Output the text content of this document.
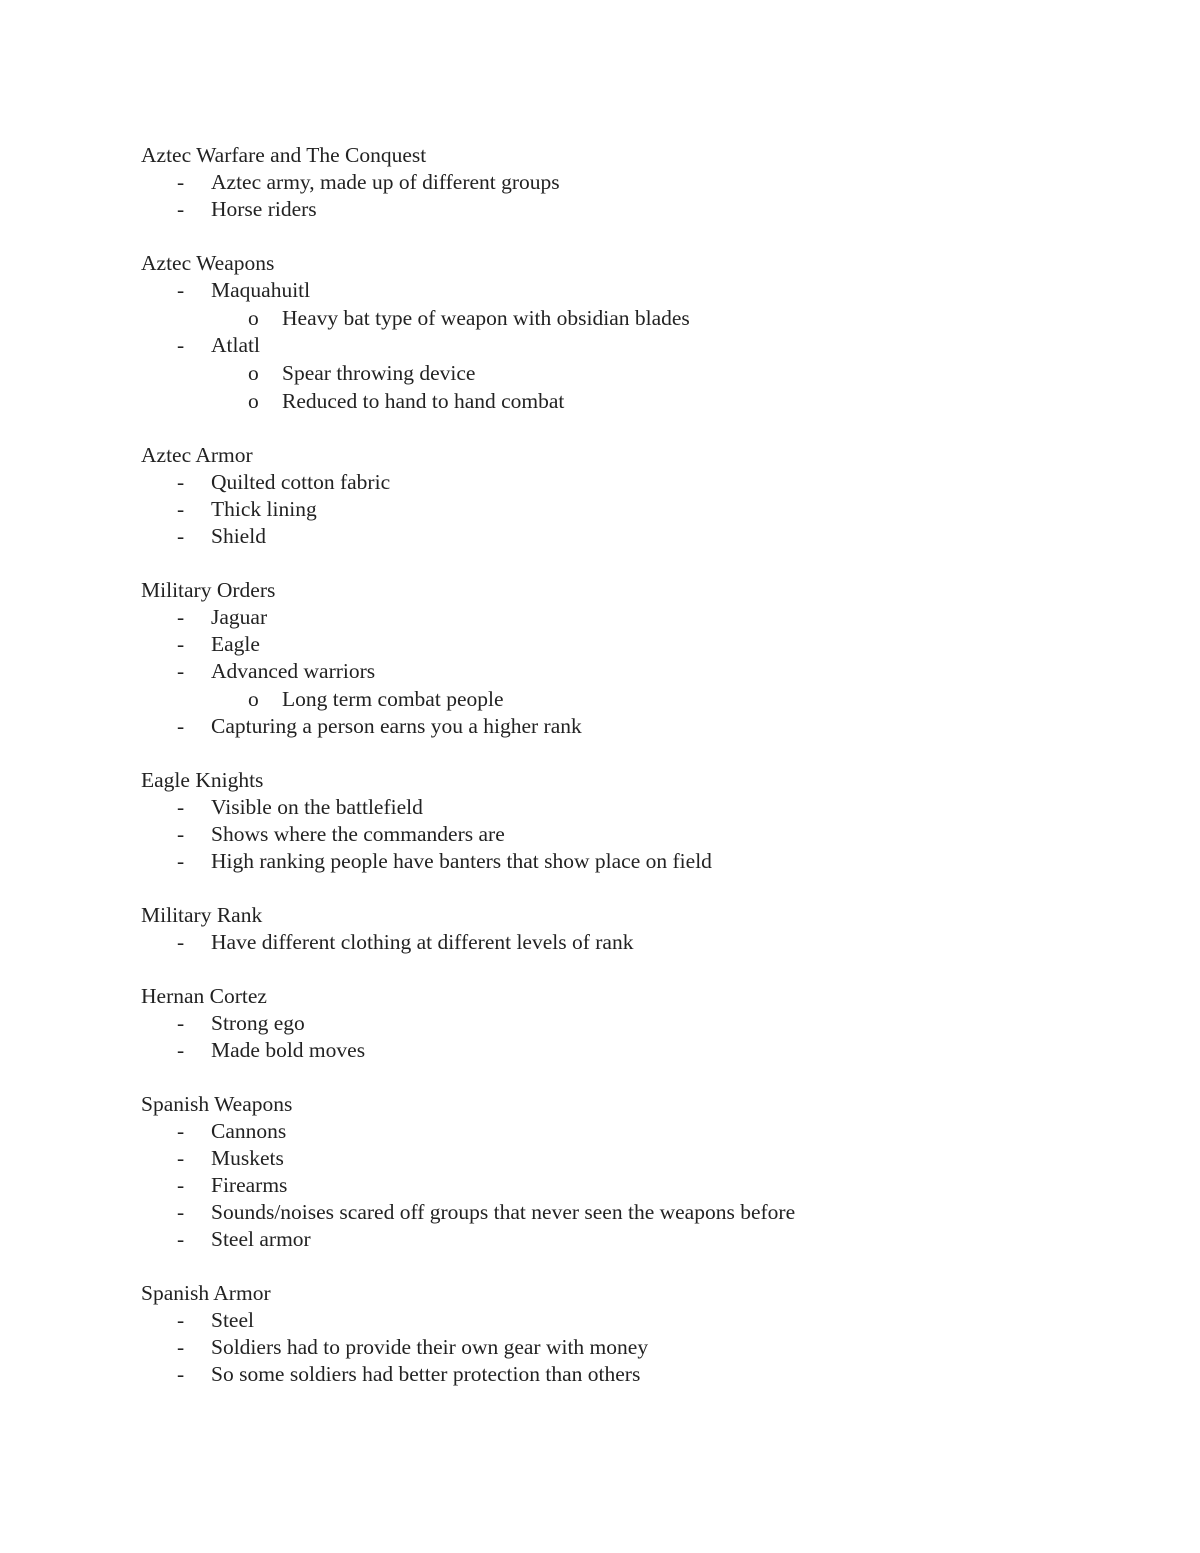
Aztec Warfare and The Conquest
- Aztec army, made up of different groups
- Horse riders
Aztec Weapons
- Maquahuitl
o Heavy bat type of weapon with obsidian blades
- Atlatl
o Spear throwing device
o Reduced to hand to hand combat
Aztec Armor
- Quilted cotton fabric
- Thick lining
- Shield
Military Orders
- Jaguar
- Eagle
- Advanced warriors
o Long term combat people
- Capturing a person earns you a higher rank
Eagle Knights
- Visible on the battlefield
- Shows where the commanders are
- High ranking people have banters that show place on field
Military Rank
- Have different clothing at different levels of rank
Hernan Cortez
- Strong ego
- Made bold moves
Spanish Weapons
- Cannons
- Muskets
- Firearms
- Sounds/noises scared off groups that never seen the weapons before
- Steel armor
Spanish Armor
- Steel
- Soldiers had to provide their own gear with money
- So some soldiers had better protection than others
